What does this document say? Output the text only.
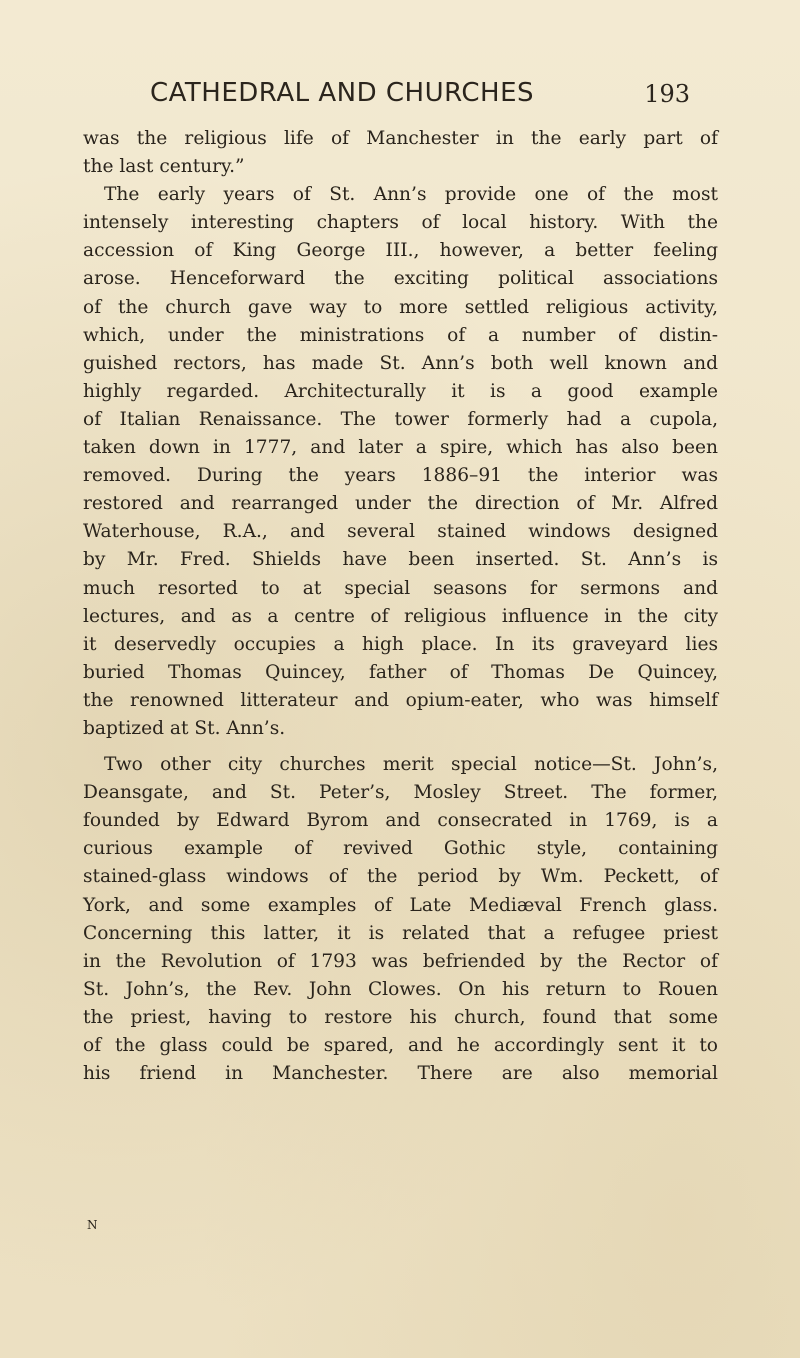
CATHEDRAL AND CHURCHES	193
was the religious life of Manchester in the early part of
the last century.”
The early years of St. Ann’s provide one of the most
intensely interesting chapters of local history. With the
accession of King George III., however, a better feeling
arose. Henceforward the exciting political associations
of the church gave way to more settled religious activity,
which, under the ministrations of a number of distin-
guished rectors, has made St. Ann’s both well known and
highly regarded. Architecturally it is a good example
of Italian Renaissance. The tower formerly had a cupola,
taken down in 1777, and later a spire, which has also been
removed. During the years 1886–91 the interior was
restored and rearranged under the direction of Mr. Alfred
Waterhouse, R.A., and several stained windows designed
by Mr. Fred. Shields have been inserted. St. Ann’s is
much resorted to at special seasons for sermons and
lectures, and as a centre of religious influence in the city
it deservedly occupies a high place. In its graveyard lies
buried Thomas Quincey, father of Thomas De Quincey,
the renowned litterateur and opium-eater, who was himself
baptized at St. Ann’s.
Two other city churches merit special notice—St. John’s,
Deansgate, and St. Peter’s, Mosley Street. The former,
founded by Edward Byrom and consecrated in 1769, is a
curious example of revived Gothic style, containing
stained-glass windows of the period by Wm. Peckett, of
York, and some examples of Late Mediæval French glass.
Concerning this latter, it is related that a refugee priest
in the Revolution of 1793 was befriended by the Rector of
St. John’s, the Rev. John Clowes. On his return to Rouen
the priest, having to restore his church, found that some
of the glass could be spared, and he accordingly sent it to
his friend in Manchester. There are also memorial
N
